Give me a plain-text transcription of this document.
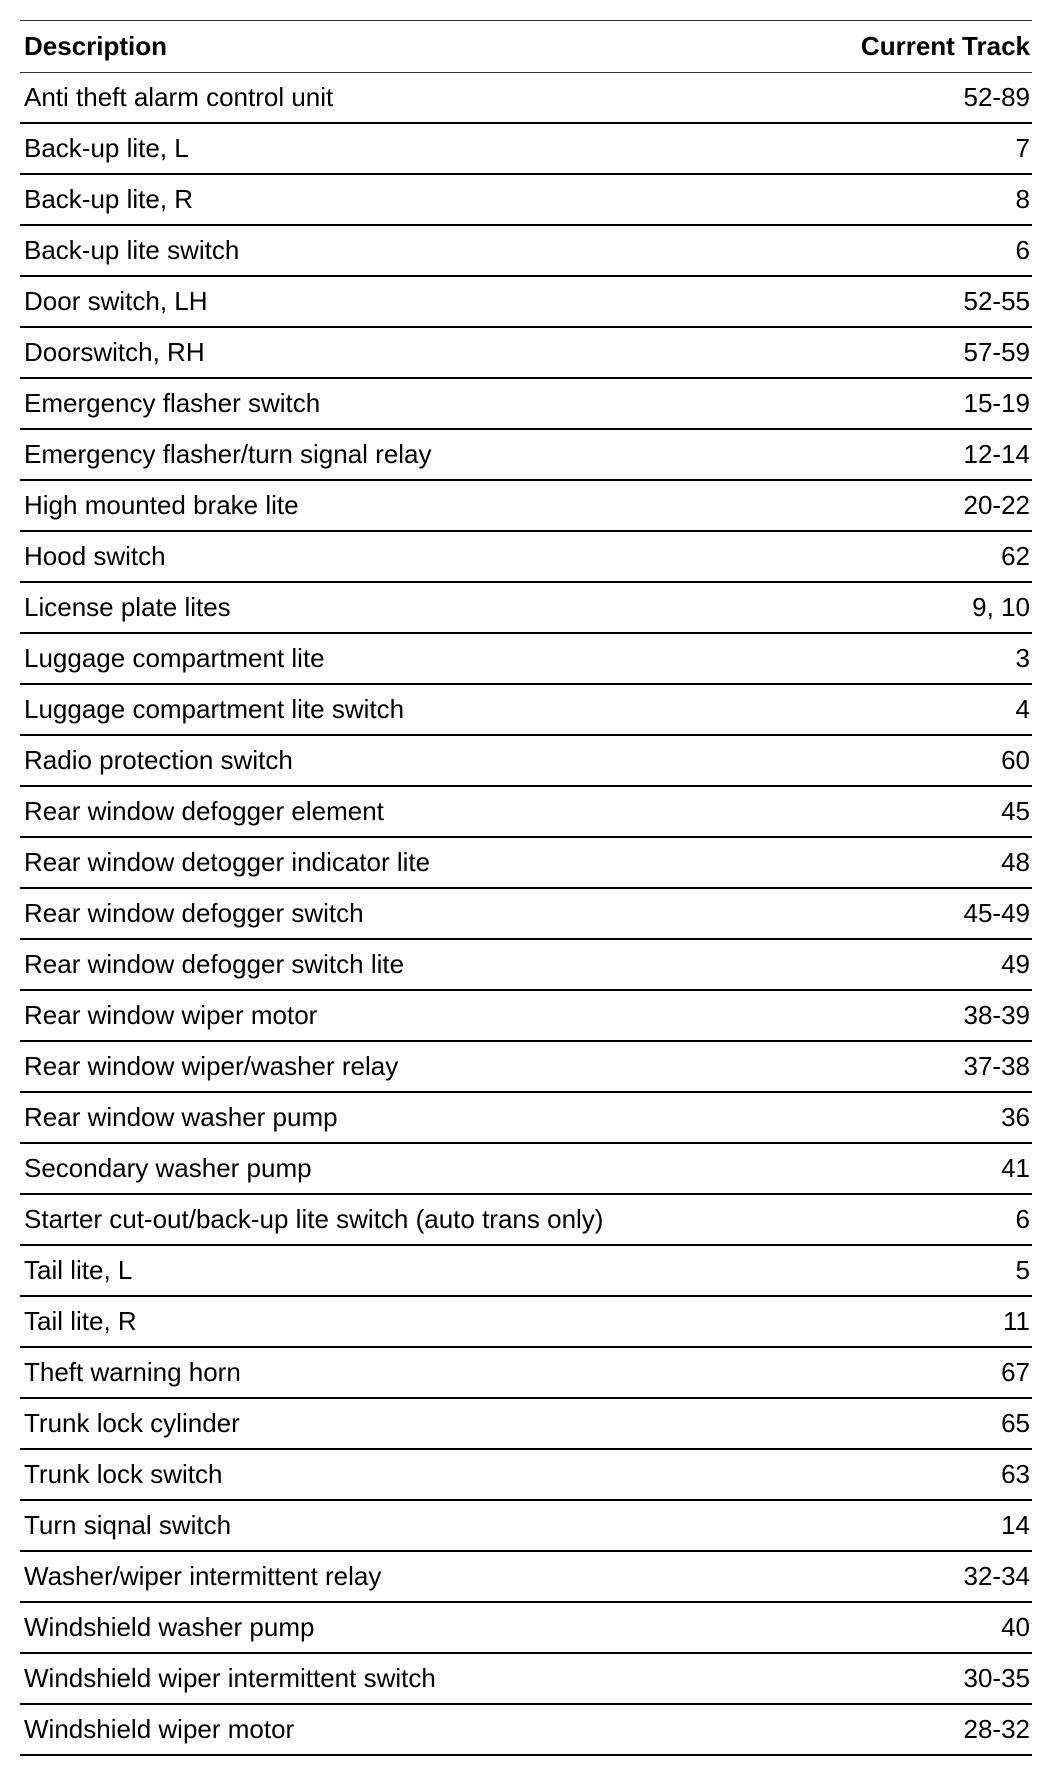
Description	Current Track
Anti theft alarm control unit	52-89
Back-up lite, L	7
Back-up lite, R	8
Back-up lite switch	6
Door switch, LH	52-55
Doorswitch, RH	57-59
Emergency flasher switch	15-19
Emergency flasher/turn signal relay	12-14
High mounted brake lite	20-22
Hood switch	62
License plate lites	9, 10
Luggage compartment lite	3
Luggage compartment lite switch	4
Radio protection switch	60
Rear window defogger element	45
Rear window detogger indicator lite	48
Rear window defogger switch	45-49
Rear window defogger switch lite	49
Rear window wiper motor	38-39
Rear window wiper/washer relay	37-38
Rear window washer pump	36
Secondary washer pump	41
Starter cut-out/back-up lite switch (auto trans only)	6
Tail lite, L	5
Tail lite, R	11
Theft warning horn	67
Trunk lock cylinder	65
Trunk lock switch	63
Turn siqnal switch	14
Washer/wiper intermittent relay	32-34
Windshield washer pump	40
Windshield wiper intermittent switch	30-35
Windshield wiper motor	28-32
